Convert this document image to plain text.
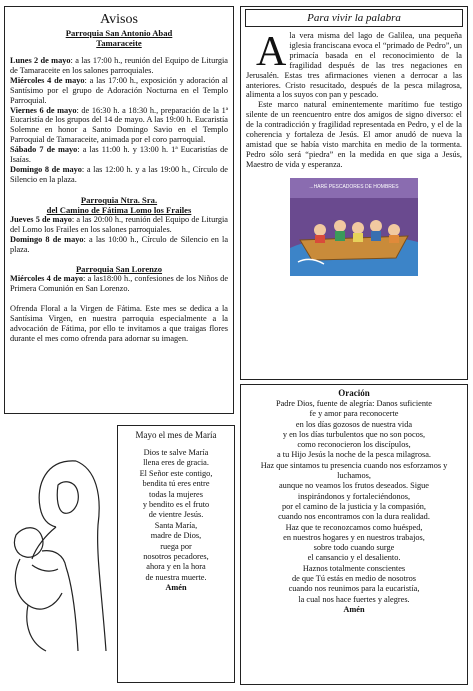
Avisos
Parroquia San Antonio Abad
Tamaraceite

Lunes 2 de mayo: a las 17:00 h., reunión del Equipo de Liturgia de Tamaraceite en los salones parroquiales.

Miércoles 4 de mayo: a las 17:00 h., exposición y adoración al Santísimo por el grupo de Adoración Nocturna en el Templo Parroquial.

Viernes 6 de mayo: de 16:30 h. a 18:30 h., preparación de la 1ª Eucaristía de los grupos del 14 de mayo. A las 19:00 h. Eucaristía Solemne en honor a Santo Domingo Savio en el Templo Parroquial de Tamaraceite, animada por el coro parroquial.

Sábado 7 de mayo: a las 11:00 h. y 13:00 h. 1ª Eucaristías de Isaías.

Domingo 8 de mayo: a las 12:00 h. y a las 19:00 h., Círculo de Silencio en la plaza.

Parroquia Ntra. Sra.
del Camino de Fátima Lomo los Frailes

Jueves 5 de mayo: a las 20:00 h., reunión del Equipo de Liturgia del Lomo los Frailes en los salones parroquiales.

Domingo 8 de mayo: a las 10:00 h., Círculo de Silencio en la plaza.

Parroquia San Lorenzo

Miércoles 4 de mayo: a las18:00 h., confesiones de los Niños de Primera Comunión en San Lorenzo.

Ofrenda Floral a la Virgen de Fátima. Este mes se dedica a la Santísima Virgen, en nuestra parroquia especialmente a la advocación de Fátima, por ello te invitamos a que traigas flores durante el mes como ofrenda para adornar su imagen.

Para vivir la palabra
A la vera misma del lago de Galilea, una pequeña iglesia franciscana evoca el “primado de Pedro”, un primacía basada en el reconocimiento de la fragilidad después de las tres negaciones en Jerusalén. Estas tres afirmaciones vienen a derrocar a las anteriores. Cristo resucitado, después de la pesca milagrosa, alimenta a los suyos con pan y pescado.

Este marco natural eminentemente marítimo fue testigo silente de un reencuentro entre dos amigos de signo diverso: el de la contradicción y fragilidad representada en Pedro, y el de la coherencia y fortaleza de Jesús. El amor anudó de nueva la amistad que se había visto marchita en medio de la tormenta. Pedro sólo será “piedra” en la medida en que siga a Jesús, Maestro de vida y esperanza.

...HARÉ PESCADORES DE HOMBRES
Oración
Padre Dios, fuente de alegría: Danos suficiente
fe y amor para reconocerte
en los días gozosos de nuestra vida
y en los días turbulentos que no son pocos,
como reconocieron los discípulos,
a tu Hijo Jesús la noche de la pesca milagrosa.
Haz que sintamos tu presencia cuando nos esforzamos y luchamos,
aunque no veamos los frutos deseados. Sigue
inspirándonos y fortaleciéndonos,
por el camino de la justicia y la compasión,
cuando nos encontramos con la dura realidad.
Haz que te reconozcamos como huésped,
en nuestros hogares y en nuestros trabajos,
sobre todo cuando surge
el cansancio y el desaliento.
Haznos totalmente conscientes
de que Tú estás en medio de nosotros
cuando nos reunimos para la eucaristía,
la cual nos hace fuertes y alegres.
Amén
Mayo el mes de María
Dios te salve María
llena eres de gracia.
El Señor este contigo,
bendita tú eres entre
todas la mujeres
y bendito es el fruto
de vientre Jesús.
Santa María,
madre de Dios,
ruega por
nosotros pecadores,
ahora y en la hora
de nuestra muerte.
Amén
